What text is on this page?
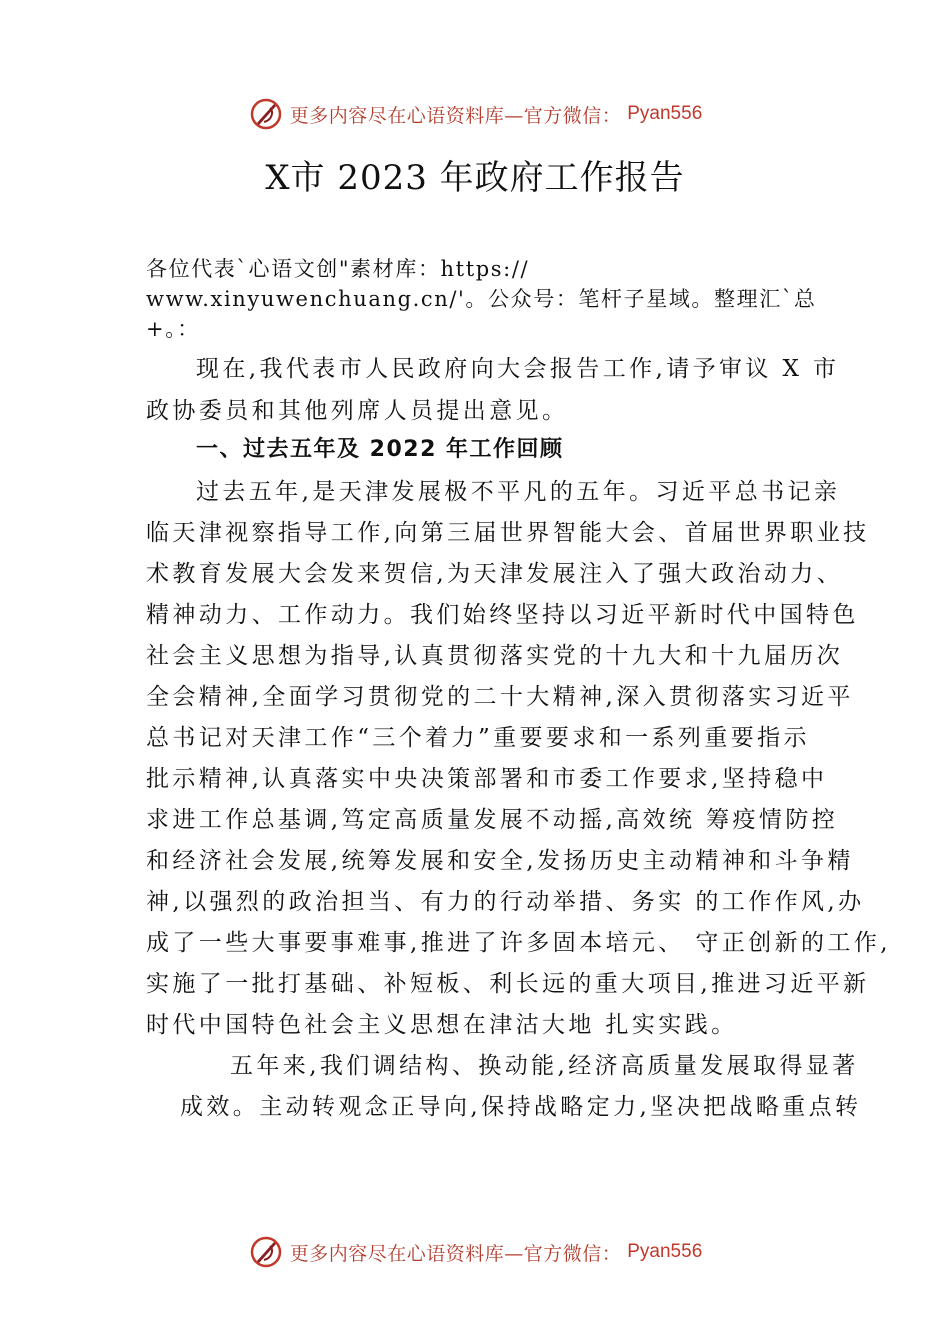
更多内容尽在心语资料库—官方微信： Pyan556
X市 2023 年政府工作报告
各位代表`心语文创"素材库：https://
www.xinyuwenchuang.cn/'。公众号：笔杆子星域。整理汇`总
+。：
现在,我代表市人民政府向大会报告工作,请予审议 X 市
政协委员和其他列席人员提出意见。
一、过去五年及 2022 年工作回顾
过去五年,是天津发展极不平凡的五年。习近平总书记亲
临天津视察指导工作,向第三届世界智能大会、首届世界职业技
术教育发展大会发来贺信,为天津发展注入了强大政治动力、
精神动力、工作动力。我们始终坚持以习近平新时代中国特色
社会主义思想为指导,认真贯彻落实党的十九大和十九届历次
全会精神,全面学习贯彻党的二十大精神,深入贯彻落实习近平
总书记对天津工作“三个着力”重要要求和一系列重要指示
批示精神,认真落实中央决策部署和市委工作要求,坚持稳中
求进工作总基调,笃定高质量发展不动摇,高效统 筹疫情防控
和经济社会发展,统筹发展和安全,发扬历史主动精神和斗争精
神,以强烈的政治担当、有力的行动举措、务实 的工作作风,办
成了一些大事要事难事,推进了许多固本培元、 守正创新的工作,
实施了一批打基础、补短板、利长远的重大项目,推进习近平新
时代中国特色社会主义思想在津沽大地 扎实实践。
五年来,我们调结构、换动能,经济高质量发展取得显著
成效。主动转观念正导向,保持战略定力,坚决把战略重点转
更多内容尽在心语资料库—官方微信： Pyan556
